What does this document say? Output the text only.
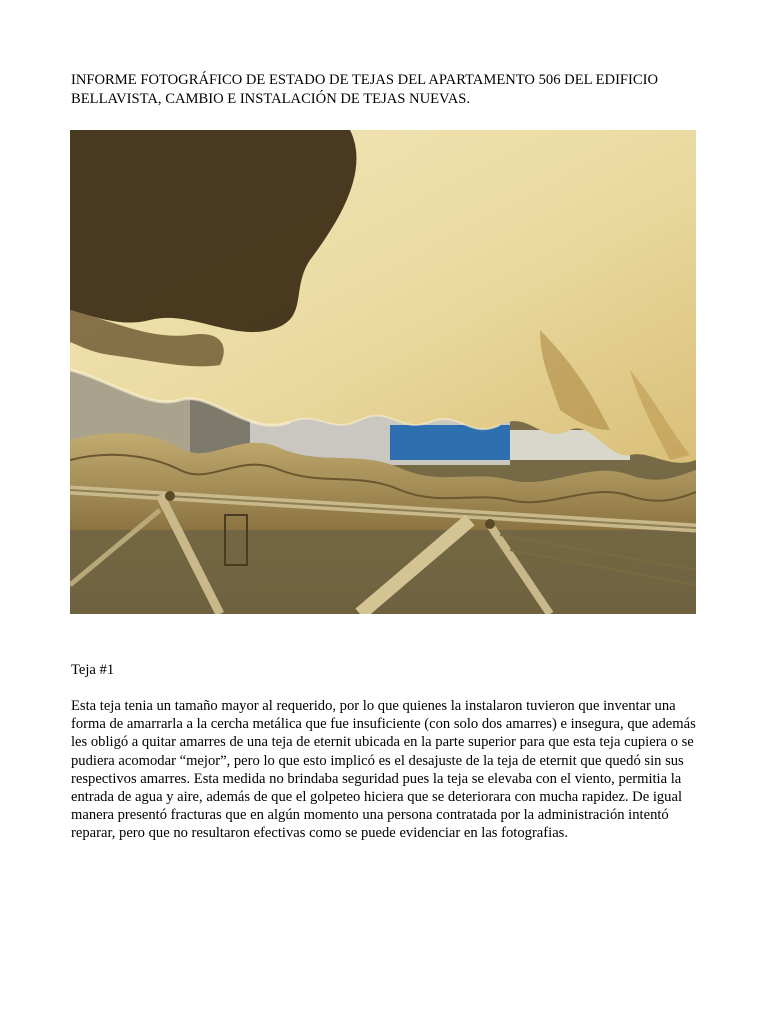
INFORME FOTOGRÁFICO DE ESTADO DE TEJAS DEL APARTAMENTO 506 DEL EDIFICIO BELLAVISTA, CAMBIO E INSTALACIÓN DE TEJAS NUEVAS.

Teja #1

Esta teja tenia un tamaño mayor al requerido, por lo que quienes la instalaron tuvieron que inventar una forma de amarrarla a la cercha metálica que fue insuficiente (con solo dos amarres) e insegura, que además les obligó a quitar amarres de una teja de eternit ubicada en la parte superior para que esta teja cupiera o se pudiera acomodar “mejor”, pero lo que esto implicó es el desajuste de la teja de eternit que quedó sin sus respectivos amarres. Esta medida no brindaba seguridad pues la teja se elevaba con el viento, permitia la entrada de agua y aire, además de que el golpeteo hiciera que se deteriorara con mucha rapidez. De igual manera presentó fracturas que en algún momento una persona contratada por la administración intentó reparar, pero que no resultaron efectivas como se puede evidenciar en las fotografias.
